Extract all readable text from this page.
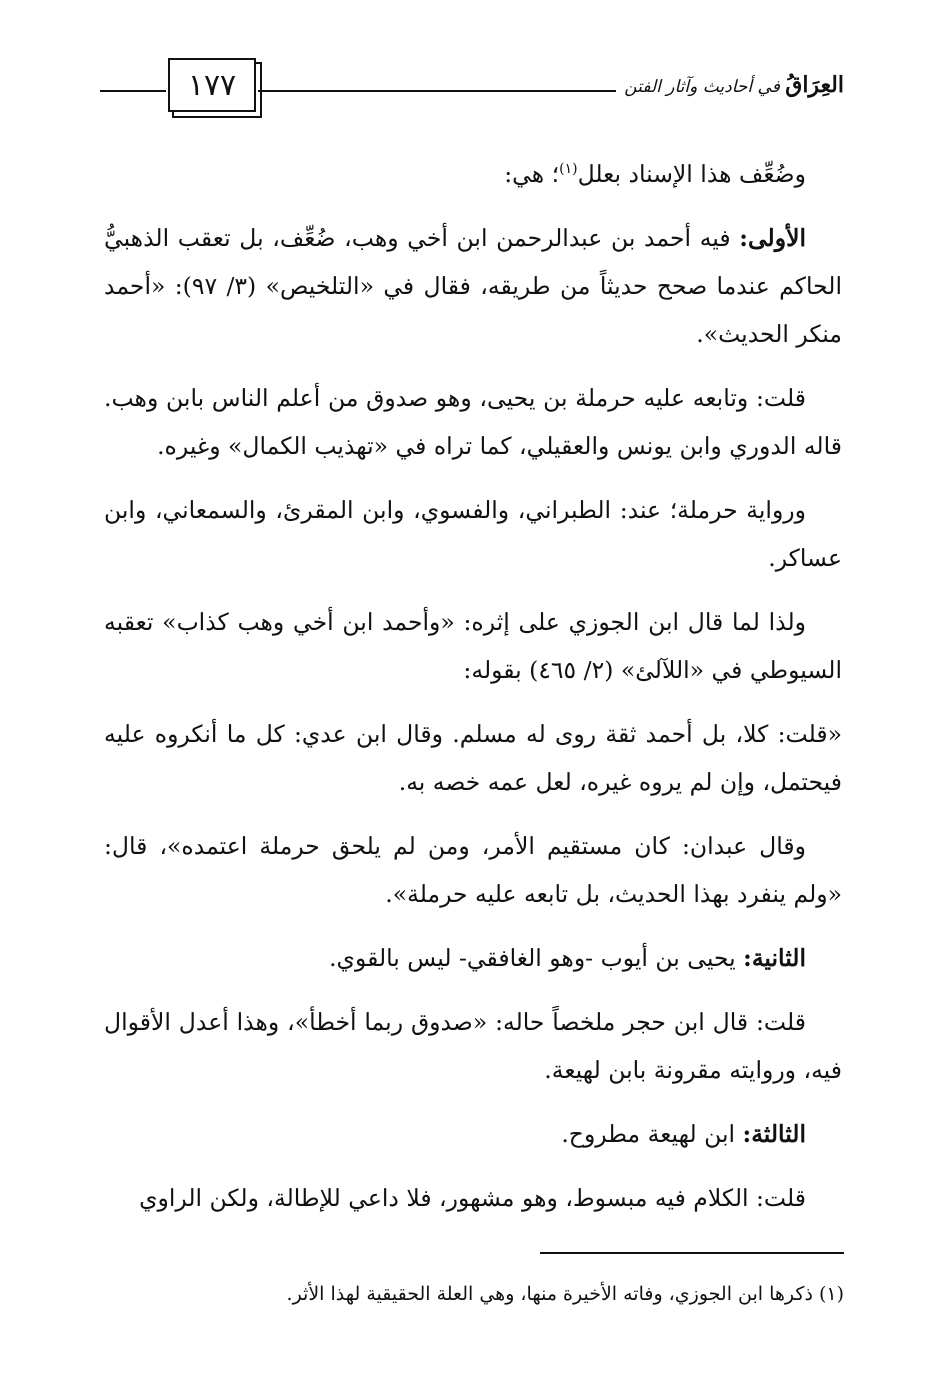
١٧٧	العِرَاقُ في أحاديث وآثار الفتن

وضُعِّف هذا الإسناد بعلل$^{(١)}$؛ هي:

الأولى: فيه أحمد بن عبدالرحمن ابن أخي وهب، ضُعِّف، بل تعقب الذهبيُّ الحاكم عندما صحح حديثاً من طريقه، فقال في «التلخيص» (٣/ ٩٧): «أحمد منكر الحديث».

قلت: وتابعه عليه حرملة بن يحيى، وهو صدوق من أعلم الناس بابن وهب. قاله الدوري وابن يونس والعقيلي، كما تراه في «تهذيب الكمال» وغيره.

ورواية حرملة؛ عند: الطبراني، والفسوي، وابن المقرئ، والسمعاني، وابن عساكر.

ولذا لما قال ابن الجوزي على إثره: «وأحمد ابن أخي وهب كذاب» تعقبه السيوطي في «اللآلئ» (٢/ ٤٦٥) بقوله:

«قلت: كلا، بل أحمد ثقة روى له مسلم. وقال ابن عدي: كل ما أنكروه عليه فيحتمل، وإن لم يروه غيره، لعل عمه خصه به.

وقال عبدان: كان مستقيم الأمر، ومن لم يلحق حرملة اعتمده»، قال: «ولم ينفرد بهذا الحديث، بل تابعه عليه حرملة».

الثانية: يحيى بن أيوب -وهو الغافقي- ليس بالقوي.

قلت: قال ابن حجر ملخصاً حاله: «صدوق ربما أخطأ»، وهذا أعدل الأقوال فيه، وروايته مقرونة بابن لهيعة.

الثالثة: ابن لهيعة مطروح.

قلت: الكلام فيه مبسوط، وهو مشهور، فلا داعي للإطالة، ولكن الراوي

(١) ذكرها ابن الجوزي، وفاته الأخيرة منها، وهي العلة الحقيقية لهذا الأثر.
